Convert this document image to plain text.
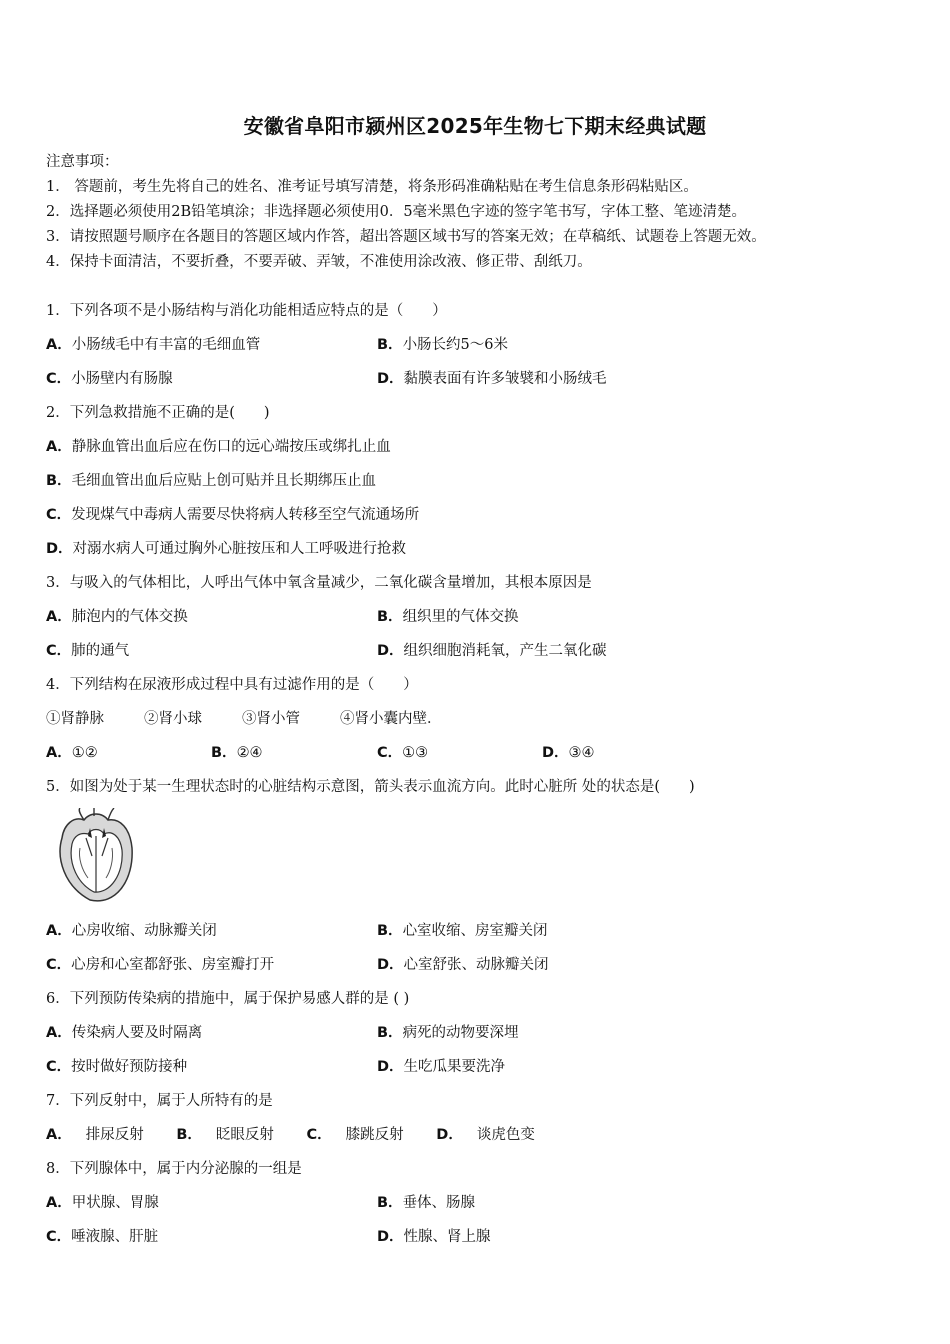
安徽省阜阳市颍州区2025年生物七下期末经典试题
注意事项：
1． 答题前，考生先将自己的姓名、准考证号填写清楚，将条形码准确粘贴在考生信息条形码粘贴区。
2．选择题必须使用2B铅笔填涂；非选择题必须使用0．5毫米黑色字迹的签字笔书写，字体工整、笔迹清楚。
3．请按照题号顺序在各题目的答题区域内作答，超出答题区域书写的答案无效；在草稿纸、试题卷上答题无效。
4．保持卡面清洁，不要折叠，不要弄破、弄皱，不准使用涂改液、修正带、刮纸刀。
1．下列各项不是小肠结构与消化功能相适应特点的是（　　）
A．小肠绒毛中有丰富的毛细血管	B．小肠长约5～6米
C．小肠壁内有肠腺	D．黏膜表面有许多皱襞和小肠绒毛
2．下列急救措施不正确的是(　　)
A．静脉血管出血后应在伤口的远心端按压或绑扎止血
B．毛细血管出血后应贴上创可贴并且长期绑压止血
C．发现煤气中毒病人需要尽快将病人转移至空气流通场所
D．对溺水病人可通过胸外心脏按压和人工呼吸进行抢救
3．与吸入的气体相比，人呼出气体中氧含量减少，二氧化碳含量增加，其根本原因是
A．肺泡内的气体交换	B．组织里的气体交换
C．肺的通气	D．组织细胞消耗氧，产生二氧化碳
4．下列结构在尿液形成过程中具有过滤作用的是（　　）
①肾静脉	②肾小球	③肾小管	④肾小囊内壁．
A．①②	B．②④	C．①③	D．③④
5．如图为处于某一生理状态时的心脏结构示意图，箭头表示血流方向。此时心脏所 处的状态是(　　)
A．心房收缩、动脉瓣关闭	B．心室收缩、房室瓣关闭
C．心房和心室都舒张、房室瓣打开	D．心室舒张、动脉瓣关闭
6．下列预防传染病的措施中，属于保护易感人群的是 ( )
A．传染病人要及时隔离	B．病死的动物要深埋
C．按时做好预防接种	D．生吃瓜果要洗净
7．下列反射中，属于人所特有的是
A． 排尿反射 B． 眨眼反射 C． 膝跳反射 D． 谈虎色变
8．下列腺体中，属于内分泌腺的一组是
A．甲状腺、胃腺	B．垂体、肠腺
C．唾液腺、肝脏	D．性腺、肾上腺
